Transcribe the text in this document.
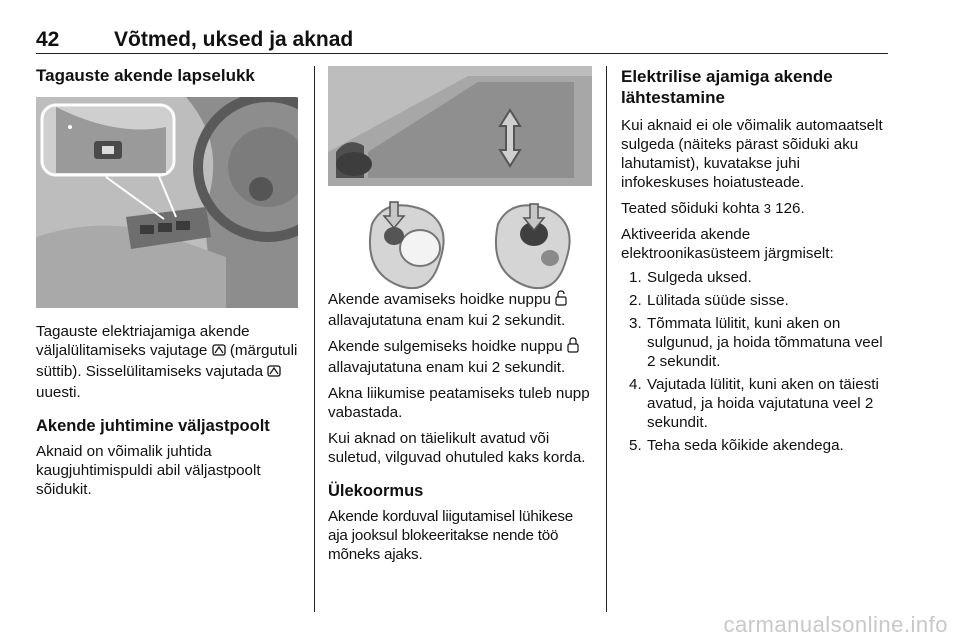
42	Võtmed, uksed ja aknad
Tagauste akende lapselukk

Tagauste elektriajamiga akende väljalülitamiseks vajutage  (märgutuli süttib). Sisselülitamiseks vajutada  uuesti.

Akende juhtimine väljastpoolt

Aknaid on võimalik juhtida kaugjuhtimispuldi abil väljastpoolt sõidukit.

Akende avamiseks hoidke nuppu  allavajutatuna enam kui 2 sekundit.

Akende sulgemiseks hoidke nuppu  allavajutatuna enam kui 2 sekundit.

Akna liikumise peatamiseks tuleb nupp vabastada.

Kui aknad on täielikult avatud või suletud, vilguvad ohutuled kaks korda.

Ülekoormus

Akende korduval liigutamisel lühikese aja jooksul blokeeritakse nende töö mõneks ajaks.

Elektrilise ajamiga akende lähtestamine

Kui aknaid ei ole võimalik automaatselt sulgeda (näiteks pärast sõiduki aku lahutamist), kuvatakse juhi infokeskuses hoiatusteade.

Teated sõiduki kohta 3 126.

Aktiveerida akende elektroonikasüsteem järgmiselt:

1. Sulgeda uksed.
2. Lülitada süüde sisse.
3. Tõmmata lülitit, kuni aken on sulgunud, ja hoida tõmmatuna veel 2 sekundit.
4. Vajutada lülitit, kuni aken on täiesti avatud, ja hoida vajutatuna veel 2 sekundit.
5. Teha seda kõikide akendega.
carmanualsonline.info
